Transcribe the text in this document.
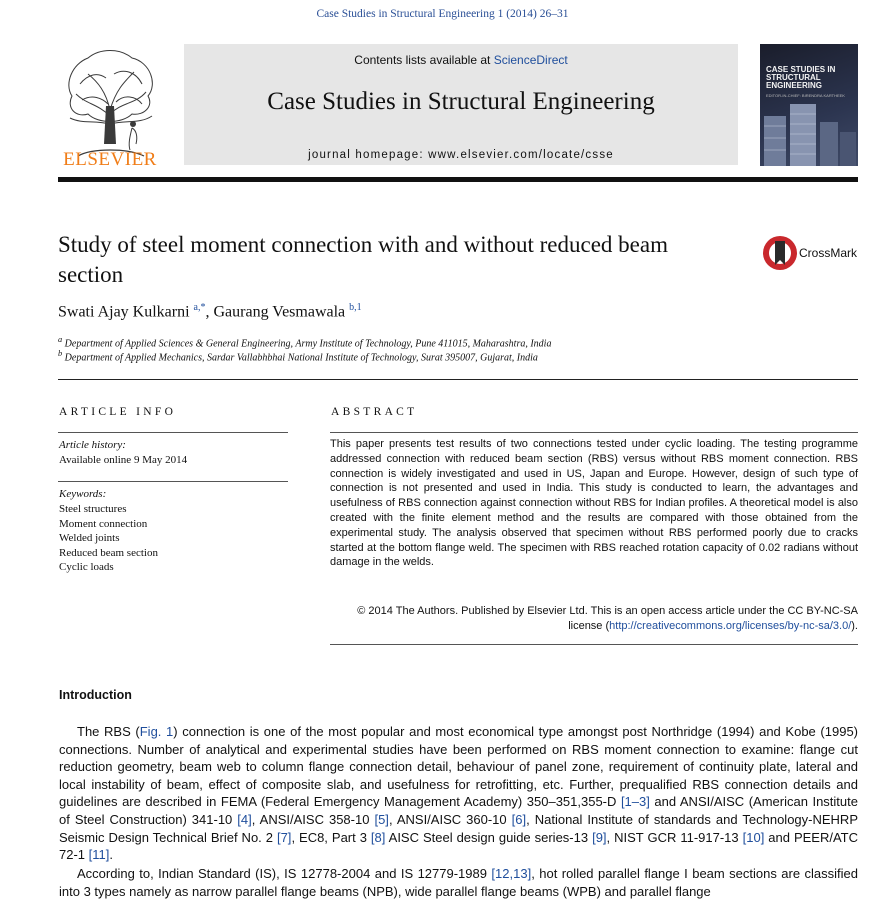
Case Studies in Structural Engineering 1 (2014) 26–31
ELSEVIER
Contents lists available at ScienceDirect
Case Studies in Structural Engineering
journal homepage: www.elsevier.com/locate/csse
CASE STUDIES IN STRUCTURAL ENGINEERING
EDITOR-IN-CHIEF: BIRENDRA KARTHEEK
Study of steel moment connection with and without reduced beam section
CrossMark
Swati Ajay Kulkarni $^{a,*}$, Gaurang Vesmawala $^{b,1}$
$^a$ Department of Applied Sciences & General Engineering, Army Institute of Technology, Pune 411015, Maharashtra, India
$^b$ Department of Applied Mechanics, Sardar Vallabhbhai National Institute of Technology, Surat 395007, Gujarat, India
ARTICLE INFO	ABSTRACT
Article history:
Available online 9 May 2014
Keywords:
Steel structures
Moment connection
Welded joints
Reduced beam section
Cyclic loads
This paper presents test results of two connections tested under cyclic loading. The testing programme addressed connection with reduced beam section (RBS) versus without RBS moment connection. RBS connection is widely investigated and used in US, Japan and Europe. However, design of such type of connection is not presented and used in India. This study is conducted to learn, the advantages and usefulness of RBS connection against connection without RBS for Indian profiles. A theoretical model is also created with the finite element method and the results are compared with those obtained from the experimental study. The analysis observed that specimen without RBS performed poorly due to cracks started at the bottom flange weld. The specimen with RBS reached rotation capacity of 0.02 radians without damage in the welds.
© 2014 The Authors. Published by Elsevier Ltd. This is an open access article under the CC BY-NC-SA license (http://creativecommons.org/licenses/by-nc-sa/3.0/).
Introduction
The RBS (Fig. 1) connection is one of the most popular and most economical type amongst post Northridge (1994) and Kobe (1995) connections. Number of analytical and experimental studies have been performed on RBS moment connection to examine: flange cut reduction geometry, beam web to column flange connection detail, behaviour of panel zone, requirement of continuity plate, lateral and local instability of beam, effect of composite slab, and usefulness for retrofitting, etc. Further, prequalified RBS connection details and guidelines are described in FEMA (Federal Emergency Management Academy) 350–351,355-D [1–3] and ANSI/AISC (American Institute of Steel Construction) 341-10 [4], ANSI/AISC 358-10 [5], ANSI/AISC 360-10 [6], National Institute of standards and Technology-NEHRP Seismic Design Technical Brief No. 2 [7], EC8, Part 3 [8] AISC Steel design guide series-13 [9], NIST GCR 11-917-13 [10] and PEER/ATC 72-1 [11].
According to, Indian Standard (IS), IS 12778-2004 and IS 12779-1989 [12,13], hot rolled parallel flange I beam sections are classified into 3 types namely as narrow parallel flange beams (NPB), wide parallel flange beams (WPB) and parallel flange
